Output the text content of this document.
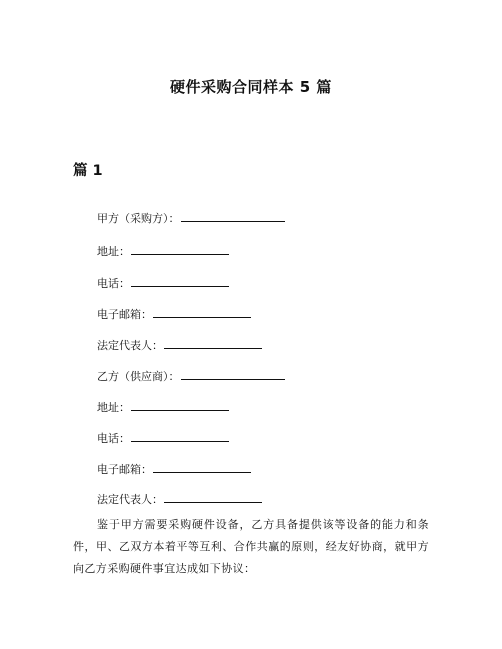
硬件采购合同样本 5 篇
篇 1
甲方（采购方）：
地址：
电话：
电子邮箱：
法定代表人：
乙方（供应商）：
地址：
电话：
电子邮箱：
法定代表人：
鉴于甲方需要采购硬件设备，乙方具备提供该等设备的能力和条件，甲、乙双方本着平等互利、合作共赢的原则，经友好协商，就甲方向乙方采购硬件事宜达成如下协议：
